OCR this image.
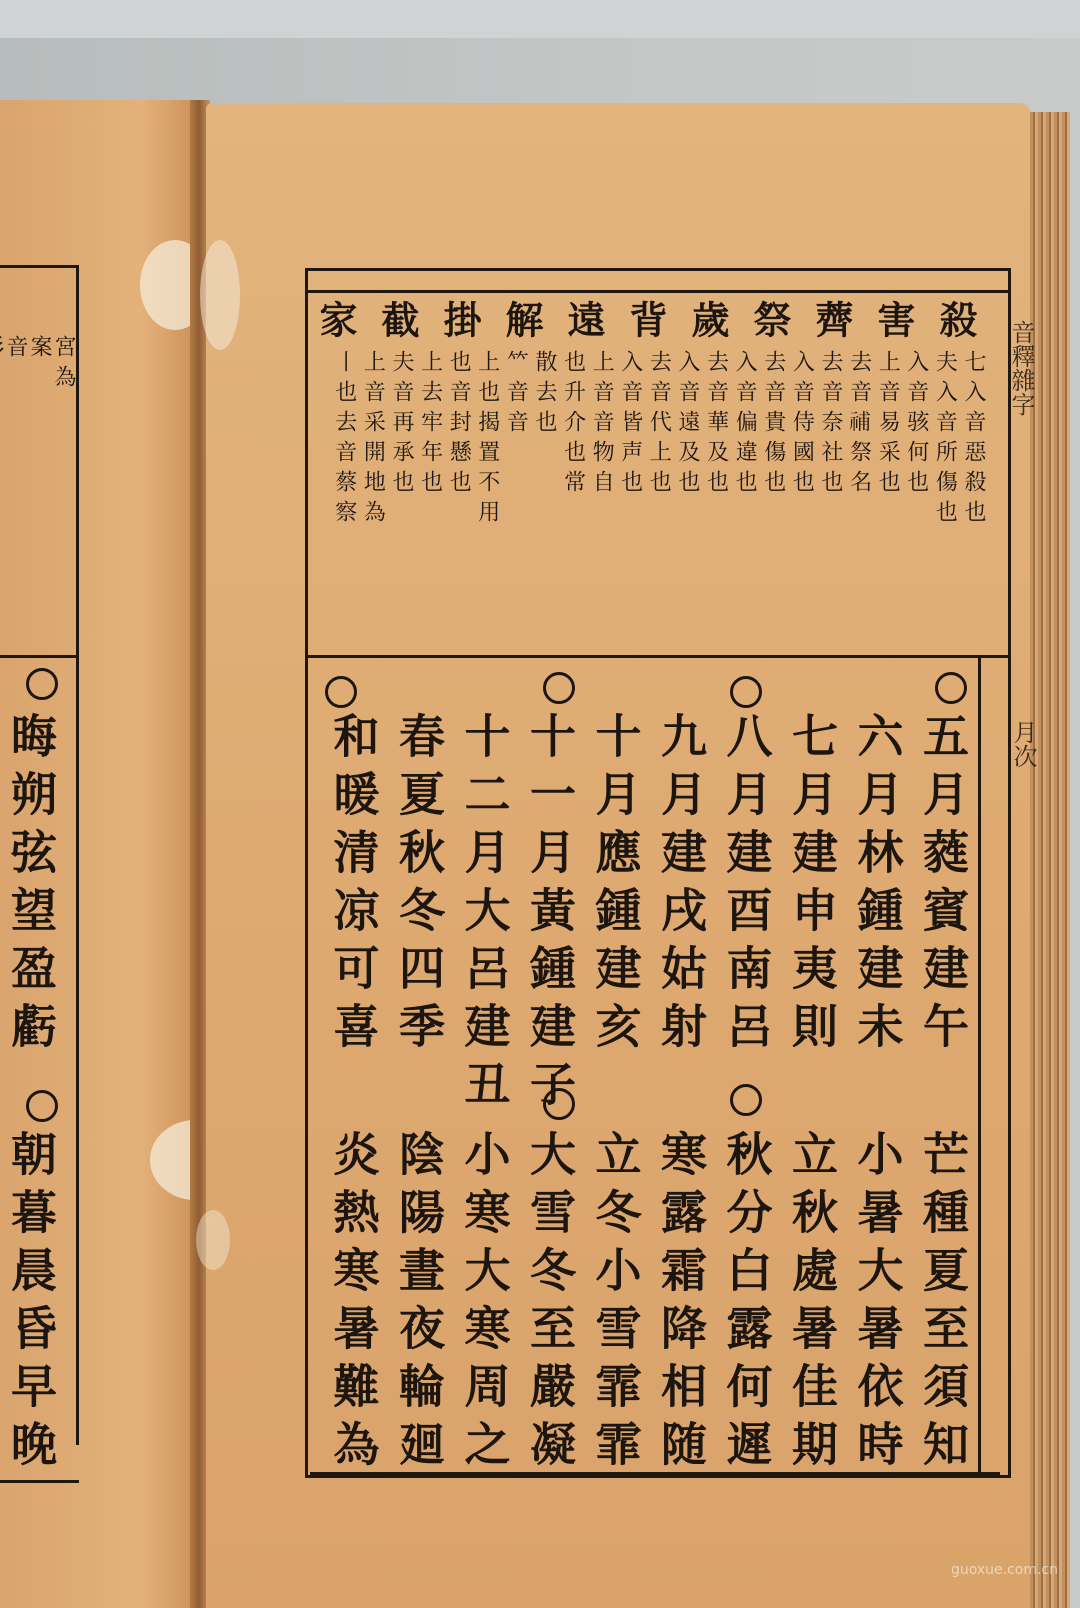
宮為
案
音
晦朔弦望盈虧
朝暮晨昏早晚
殺
害
薺
祭
歲
背
遠
解
掛
截
家
七入音惡殺也
夫入音所傷也
入音骇何也
上音易采也
去音𥙷祭名
去音奈社也
入音侍國也
去音貴傷也
入音偏違也
去音華及也
入音遠及也
去音代上也
入音皆声也
上音音物自
也升介也常
散去也
𥫗音音
上也揭置不用
也音封懸也
上去牢年也
夫音再承也
上音采開地為
丨也去音蔡察
五月蕤賓建午
六月林鍾建未
七月建申夷則
八月建酉南呂
九月建戌姑射
十月應鍾建亥
十一月黃鍾建子
十二月大呂建丑
春夏秋冬四季
和暖清凉可喜
芒種夏至須知
小暑大暑依時
立秋處暑佳期
秋分白露何遲
寒露霜降相随
立冬小雪霏霏
大雪冬至嚴凝
小寒大寒周之
陰陽晝夜輪廻
炎熱寒暑難為
音釋雜字
月次
guoxue.com.cn
